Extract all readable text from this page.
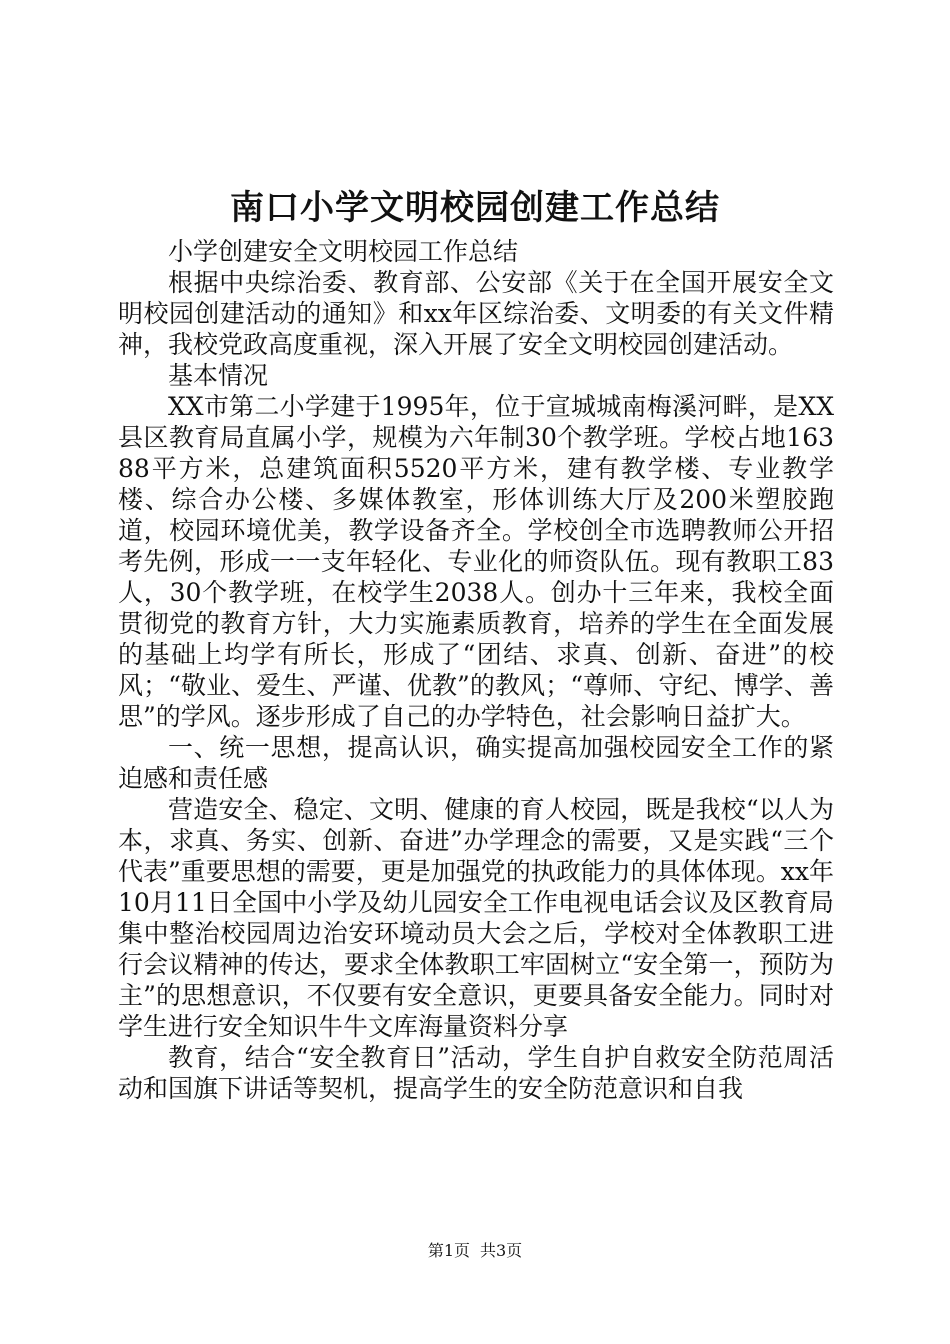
南口小学文明校园创建工作总结

小学创建安全文明校园工作总结

根据中央综治委、教育部、公安部《关于在全国开展安全文明校园创建活动的通知》和xx年区综治委、文明委的有关文件精神，我校党政高度重视，深入开展了安全文明校园创建活动。

基本情况

XX市第二小学建于1995年，位于宣城城南梅溪河畔，是XX县区教育局直属小学，规模为六年制30个教学班。学校占地16388平方米，总建筑面积5520平方米，建有教学楼、专业教学楼、综合办公楼、多媒体教室，形体训练大厅及200米塑胶跑道，校园环境优美，教学设备齐全。学校创全市选聘教师公开招考先例，形成一一支年轻化、专业化的师资队伍。现有教职工83人，30个教学班，在校学生2038人。创办十三年来，我校全面贯彻党的教育方针，大力实施素质教育，培养的学生在全面发展的基础上均学有所长，形成了“团结、求真、创新、奋进”的校风；“敬业、爱生、严谨、优教”的教风；“尊师、守纪、博学、善思”的学风。逐步形成了自己的办学特色，社会影响日益扩大。

一、统一思想，提高认识，确实提高加强校园安全工作的紧迫感和责任感

营造安全、稳定、文明、健康的育人校园，既是我校“以人为本，求真、务实、创新、奋进”办学理念的需要，又是实践“三个代表”重要思想的需要，更是加强党的执政能力的具体体现。xx年10月11日全国中小学及幼儿园安全工作电视电话会议及区教育局集中整治校园周边治安环境动员大会之后，学校对全体教职工进行会议精神的传达，要求全体教职工牢固树立“安全第一，预防为主”的思想意识，不仅要有安全意识，更要具备安全能力。同时对学生进行安全知识牛牛文库海量资料分享

教育，结合“安全教育日”活动，学生自护自救安全防范周活动和国旗下讲话等契机，提高学生的安全防范意识和自我

第1页 共3页
